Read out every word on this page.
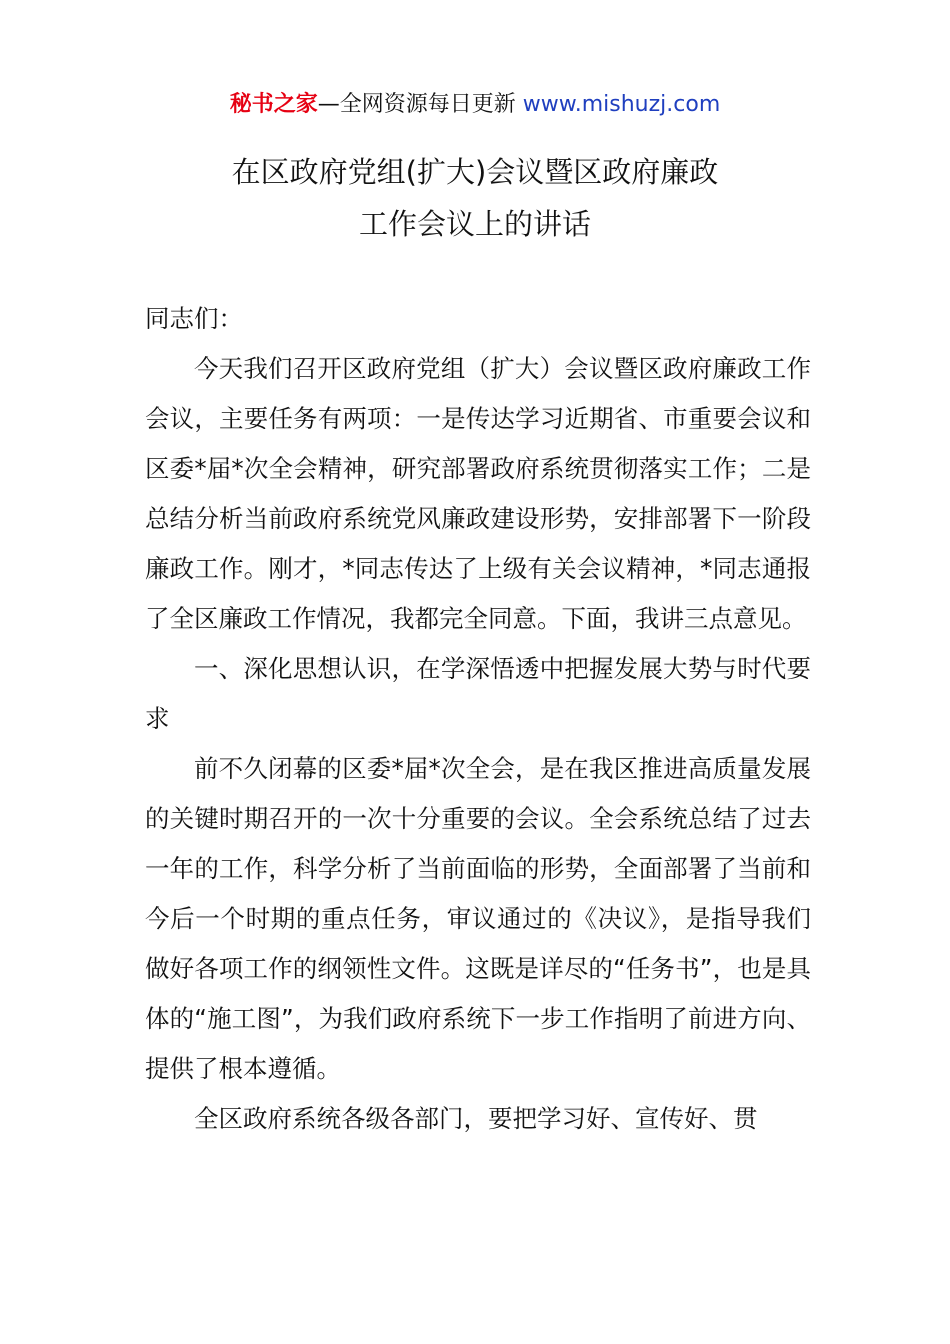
秘书之家—全网资源每日更新 www.mishuzj.com
在区政府党组(扩大)会议暨区政府廉政
工作会议上的讲话

同志们：

今天我们召开区政府党组（扩大）会议暨区政府廉政工作会议，主要任务有两项：一是传达学习近期省、市重要会议和区委*届*次全会精神，研究部署政府系统贯彻落实工作；二是总结分析当前政府系统党风廉政建设形势，安排部署下一阶段廉政工作。刚才，*同志传达了上级有关会议精神，*同志通报了全区廉政工作情况，我都完全同意。下面，我讲三点意见。

一、深化思想认识，在学深悟透中把握发展大势与时代要求

前不久闭幕的区委*届*次全会，是在我区推进高质量发展的关键时期召开的一次十分重要的会议。全会系统总结了过去一年的工作，科学分析了当前面临的形势，全面部署了当前和今后一个时期的重点任务，审议通过的《决议》，是指导我们做好各项工作的纲领性文件。这既是详尽的“任务书”，也是具体的“施工图”，为我们政府系统下一步工作指明了前进方向、提供了根本遵循。

全区政府系统各级各部门，要把学习好、宣传好、贯
